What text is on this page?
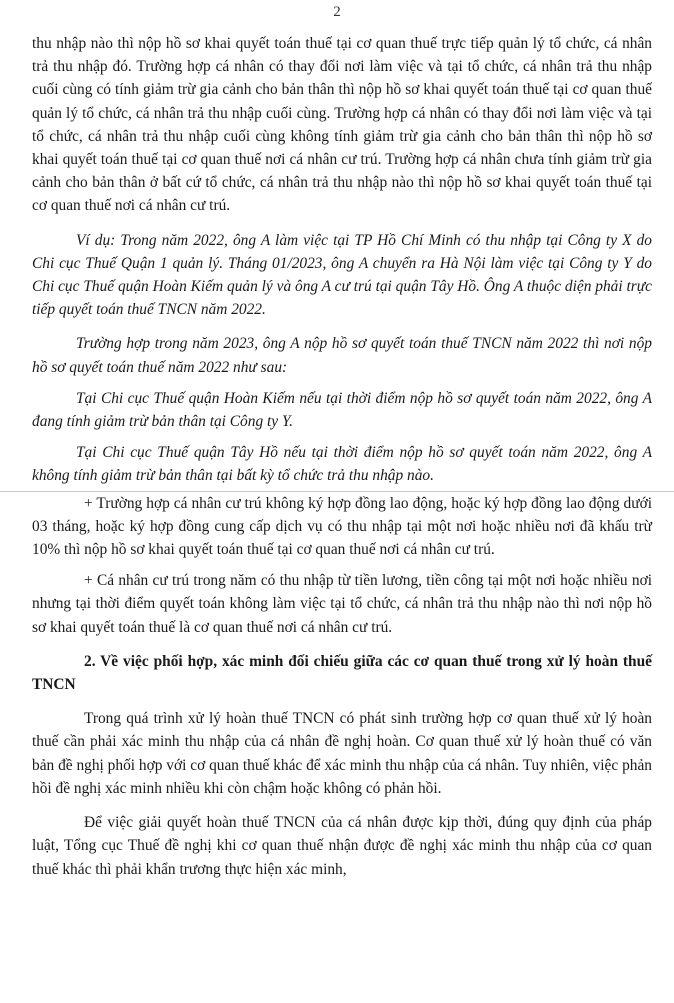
2

thu nhập nào thì nộp hồ sơ khai quyết toán thuế tại cơ quan thuế trực tiếp quản lý tổ chức, cá nhân trả thu nhập đó. Trường hợp cá nhân có thay đổi nơi làm việc và tại tổ chức, cá nhân trả thu nhập cuối cùng có tính giảm trừ gia cảnh cho bản thân thì nộp hồ sơ khai quyết toán thuế tại cơ quan thuế quản lý tổ chức, cá nhân trả thu nhập cuối cùng. Trường hợp cá nhân có thay đổi nơi làm việc và tại tổ chức, cá nhân trả thu nhập cuối cùng không tính giảm trừ gia cảnh cho bản thân thì nộp hồ sơ khai quyết toán thuế tại cơ quan thuế nơi cá nhân cư trú. Trường hợp cá nhân chưa tính giảm trừ gia cảnh cho bản thân ở bất cứ tổ chức, cá nhân trả thu nhập nào thì nộp hồ sơ khai quyết toán thuế tại cơ quan thuế nơi cá nhân cư trú.

Ví dụ: Trong năm 2022, ông A làm việc tại TP Hồ Chí Minh có thu nhập tại Công ty X do Chi cục Thuế Quận 1 quản lý. Tháng 01/2023, ông A chuyển ra Hà Nội làm việc tại Công ty Y do Chi cục Thuế quận Hoàn Kiếm quản lý và ông A cư trú tại quận Tây Hồ. Ông A thuộc diện phải trực tiếp quyết toán thuế TNCN năm 2022.

Trường hợp trong năm 2023, ông A nộp hồ sơ quyết toán thuế TNCN năm 2022 thì nơi nộp hồ sơ quyết toán thuế năm 2022 như sau:

Tại Chi cục Thuế quận Hoàn Kiếm nếu tại thời điểm nộp hồ sơ quyết toán năm 2022, ông A đang tính giảm trừ bản thân tại Công ty Y.

Tại Chi cục Thuế quận Tây Hồ nếu tại thời điểm nộp hồ sơ quyết toán năm 2022, ông A không tính giảm trừ bản thân tại bất kỳ tổ chức trả thu nhập nào.

+ Trường hợp cá nhân cư trú không ký hợp đồng lao động, hoặc ký hợp đồng lao động dưới 03 tháng, hoặc ký hợp đồng cung cấp dịch vụ có thu nhập tại một nơi hoặc nhiều nơi đã khấu trừ 10% thì nộp hồ sơ khai quyết toán thuế tại cơ quan thuế nơi cá nhân cư trú.

+ Cá nhân cư trú trong năm có thu nhập từ tiền lương, tiền công tại một nơi hoặc nhiều nơi nhưng tại thời điểm quyết toán không làm việc tại tổ chức, cá nhân trả thu nhập nào thì nơi nộp hồ sơ khai quyết toán thuế là cơ quan thuế nơi cá nhân cư trú.

2. Về việc phối hợp, xác minh đối chiếu giữa các cơ quan thuế trong xử lý hoàn thuế TNCN

Trong quá trình xử lý hoàn thuế TNCN có phát sinh trường hợp cơ quan thuế xử lý hoàn thuế cần phải xác minh thu nhập của cá nhân đề nghị hoàn. Cơ quan thuế xử lý hoàn thuế có văn bản đề nghị phối hợp với cơ quan thuế khác để xác minh thu nhập của cá nhân. Tuy nhiên, việc phản hồi đề nghị xác minh nhiều khi còn chậm hoặc không có phản hồi.

Để việc giải quyết hoàn thuế TNCN của cá nhân được kịp thời, đúng quy định của pháp luật, Tổng cục Thuế đề nghị khi cơ quan thuế nhận được đề nghị xác minh thu nhập của cơ quan thuế khác thì phải khẩn trương thực hiện xác minh,
